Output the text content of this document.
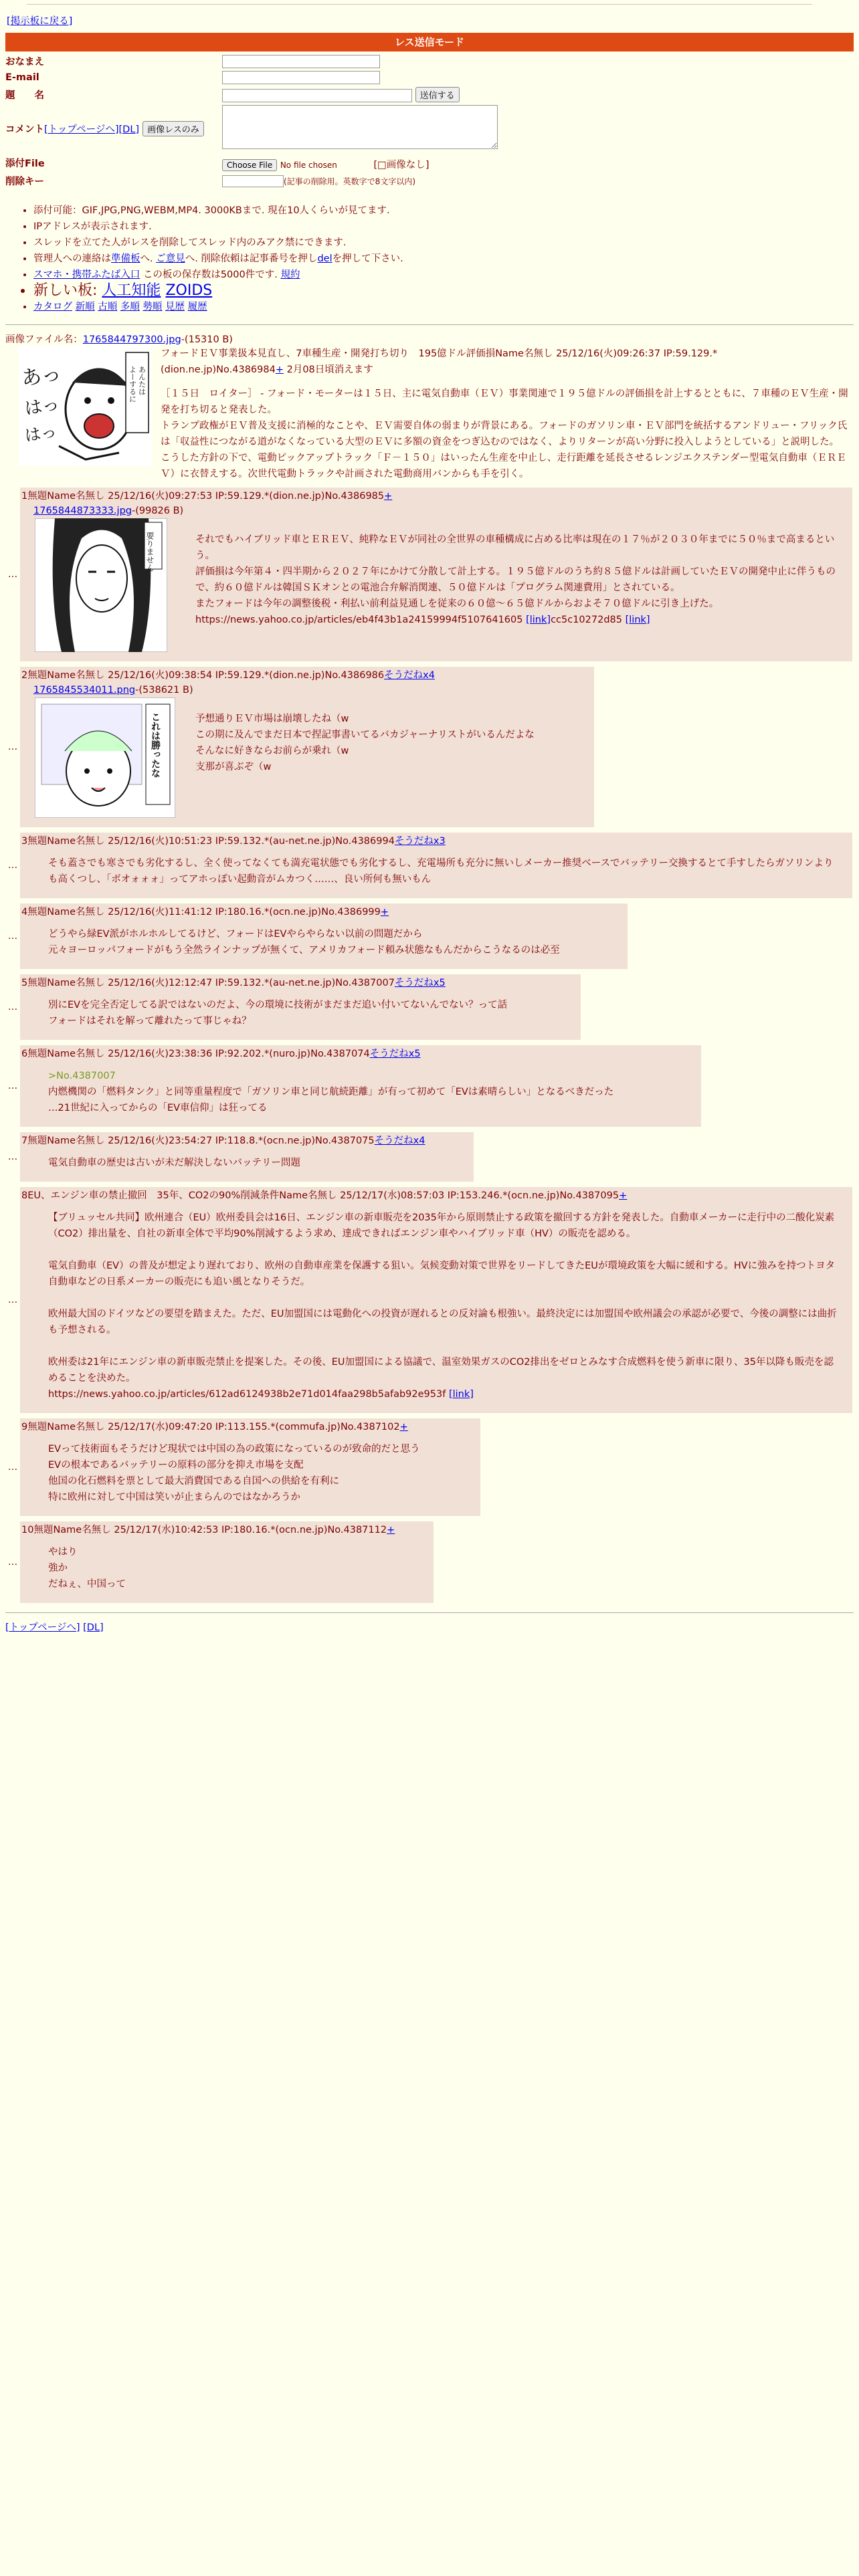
[掲示板に戻る]
レス送信モード
おなまえ	
E-mail	
題　　名	送信する
コメント[トップページへ][DL] 画像レスのみ	
添付File	Choose File No file chosen [□画像なし]
削除キー	(記事の削除用。英数字で8文字以内)
• 添付可能：GIF,JPG,PNG,WEBM,MP4. 3000KBまで. 現在10人くらいが見てます.
• IPアドレスが表示されます.
• スレッドを立てた人がレスを削除してスレッド内のみアク禁にできます.
• 管理人への連絡は準備板へ. ご意見へ. 削除依頼は記事番号を押しdelを押して下さい.
• スマホ・携帯ふたば入口 この板の保存数は5000件です. 規約
• 新しい板: 人工知能 ZOIDS
• カタログ 新順 古順 多順 勢順 見歴 履歴
画像ファイル名：1765844797300.jpg-(15310 B)
あっ
はっ
はっ
よーするに あんたは
フォードＥＶ事業扱本見直し、7車種生産・開発打ち切り　195億ドル評価損Name名無し 25/12/16(火)09:26:37 IP:59.129.*
(dion.ne.jp)No.4386984+ 2月08日頃消えます
［１５日　ロイター］ - フォード・モーターは１５日、主に電気自動車（ＥＶ）事業関連で１９５億ドルの評価損を計上するとともに、７車種のＥＶ生産・開発を打ち切ると発表した。
トランプ政権がＥＶ普及支援に消極的なことや、ＥＶ需要自体の弱まりが背景にある。フォードのガソリン車・ＥＶ部門を統括するアンドリュー・フリック氏は「収益性につながる道がなくなっている大型のＥＶに多額の資金をつぎ込むのではなく、よりリターンが高い分野に投入しようとしている」と説明した。
こうした方針の下で、電動ピックアップトラック「Ｆ－１５０」はいったん生産を中止し、走行距離を延長させるレンジエクステンダー型電気自動車（ＥＲＥＶ）に衣替えする。次世代電動トラックや計画された電動商用バンからも手を引く。
…
1無題Name名無し 25/12/16(火)09:27:53 IP:59.129.*(dion.ne.jp)No.4386985+
1765844873333.jpg-(99826 B)
要りません	それでもハイブリッド車とＥＲＥＶ、純粋なＥＶが同社の全世界の車種構成に占める比率は現在の１７％が２０３０年までに５０％まで高まるという。
評価損は今年第４・四半期から２０２７年にかけて分散して計上する。１９５億ドルのうち約８５億ドルは計画していたＥＶの開発中止に伴うもので、約６０億ドルは韓国ＳＫオンとの電池合弁解消関連、５０億ドルは「プログラム関連費用」とされている。
またフォードは今年の調整後税・利払い前利益見通しを従来の６０億～６５億ドルからおよそ７０億ドルに引き上げた。
https://news.yahoo.co.jp/articles/eb4f43b1a24159994f5107641605 [link]cc5c10272d85 [link]
…
2無題Name名無し 25/12/16(火)09:38:54 IP:59.129.*(dion.ne.jp)No.4386986そうだねx4
1765845534011.png-(538621 B)
これは勝ったな	予想通りＥＶ市場は崩壊したね（w
この期に及んでまだ日本で捏記事書いてるバカジャーナリストがいるんだよな
そんなに好きならお前らが乗れ（w
支那が喜ぶぞ（w
…
3無題Name名無し 25/12/16(火)10:51:23 IP:59.132.*(au-net.ne.jp)No.4386994そうだねx3
そも蓋さでも寒さでも劣化するし、全く使ってなくても満充電状態でも劣化するし、充電場所も充分に無いしメーカー推奨ベースでバッテリー交換するとて手すしたらガソリンよりも高くつし、「ボオォォォ」ってアホっぽい起動音がムカつく……、良い所何も無いもん
…
4無題Name名無し 25/12/16(火)11:41:12 IP:180.16.*(ocn.ne.jp)No.4386999+
どうやら緑EV派がホルホルしてるけど、フォードはEVやらやらない以前の問題だから
元々ヨーロッパフォードがもう全然ラインナップが無くて、アメリカフォード頼み状態なもんだからこうなるのは必至
…
5無題Name名無し 25/12/16(火)12:12:47 IP:59.132.*(au-net.ne.jp)No.4387007そうだねx5
別にEVを完全否定してる訳ではないのだよ、今の環境に技術がまだまだ追い付いてないんでない？って話
フォードはそれを解って離れたって事じゃね？
…
6無題Name名無し 25/12/16(火)23:38:36 IP:92.202.*(nuro.jp)No.4387074そうだねx5
>No.4387007
内燃機関の「燃料タンク」と同等重量程度で「ガソリン車と同じ航続距離」が有って初めて「EVは素晴らしい」となるべきだった
…21世紀に入ってからの「EV車信仰」は狂ってる
…
7無題Name名無し 25/12/16(火)23:54:27 IP:118.8.*(ocn.ne.jp)No.4387075そうだねx4
電気自動車の歴史は古いが未だ解決しないバッテリー問題
…
8EU、エンジン車の禁止撤回　35年、CO2の90%削減条件Name名無し 25/12/17(水)08:57:03 IP:153.246.*(ocn.ne.jp)No.4387095+
【ブリュッセル共同】欧州連合（EU）欧州委員会は16日、エンジン車の新車販売を2035年から原則禁止する政策を撤回する方針を発表した。自動車メーカーに走行中の二酸化炭素（CO2）排出量を、自社の新車全体で平均90%削減するよう求め、達成できればエンジン車やハイブリッド車（HV）の販売を認める。

電気自動車（EV）の普及が想定より遅れており、欧州の自動車産業を保護する狙い。気候変動対策で世界をリードしてきたEUが環境政策を大幅に緩和する。HVに強みを持つトヨタ自動車などの日系メーカーの販売にも追い風となりそうだ。

欧州最大国のドイツなどの要望を踏まえた。ただ、EU加盟国には電動化への投資が遅れるとの反対論も根強い。最終決定には加盟国や欧州議会の承認が必要で、今後の調整には曲折も予想される。

欧州委は21年にエンジン車の新車販売禁止を提案した。その後、EU加盟国による協議で、温室効果ガスのCO2排出をゼロとみなす合成燃料を使う新車に限り、35年以降も販売を認めることを決めた。
https://news.yahoo.co.jp/articles/612ad6124938b2e71d014faa298b5afab92e953f [link]
…
9無題Name名無し 25/12/17(水)09:47:20 IP:113.155.*(commufa.jp)No.4387102+
EVって技術面もそうだけど現状では中国の為の政策になっているのが致命的だと思う
EVの根本であるバッテリーの原料の部分を抑え市場を支配
他国の化石燃料を票として最大消費国である自国への供給を有利に
特に欧州に対して中国は笑いが止まらんのではなかろうか
…
10無題Name名無し 25/12/17(水)10:42:53 IP:180.16.*(ocn.ne.jp)No.4387112+
やはり
強か
だねぇ、中国って
[トップページへ] [DL]
